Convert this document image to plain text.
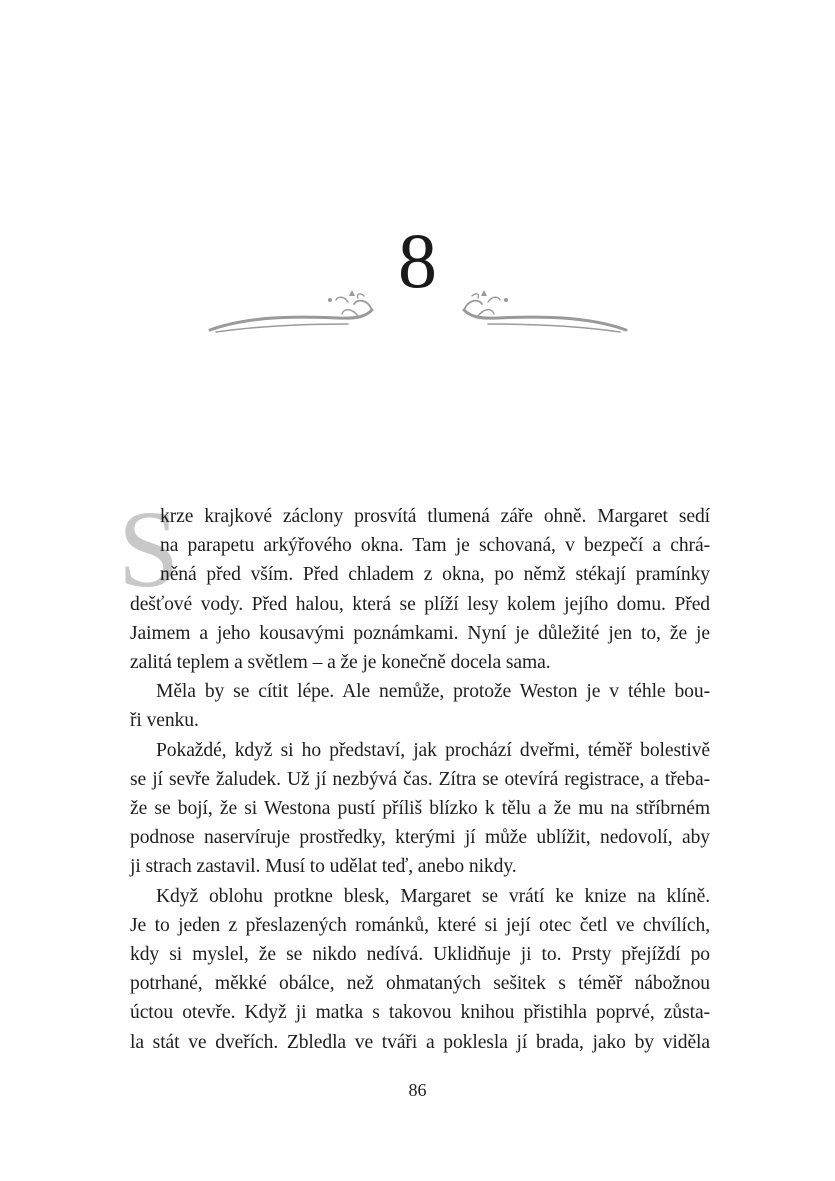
8
S

krze krajkové záclony prosvítá tlumená záře ohně. Margaret sedí
na parapetu arkýřového okna. Tam je schovaná, v bezpečí a chrá-
něná před vším. Před chladem z okna, po němž stékají pramínky
dešťové vody. Před halou, která se plíží lesy kolem jejího domu. Před
Jaimem a jeho kousavými poznámkami. Nyní je důležité jen to, že je
zalitá teplem a světlem – a že je konečně docela sama.

Měla by se cítit lépe. Ale nemůže, protože Weston je v téhle bou-
ři venku.

Pokaždé, když si ho představí, jak prochází dveřmi, téměř bolestivě
se jí sevře žaludek. Už jí nezbývá čas. Zítra se otevírá registrace, a třeba-
že se bojí, že si Westona pustí příliš blízko k tělu a že mu na stříbrném
podnose naservíruje prostředky, kterými jí může ublížit, nedovolí, aby
ji strach zastavil. Musí to udělat teď, anebo nikdy.

Když oblohu protkne blesk, Margaret se vrátí ke knize na klíně.
Je to jeden z přeslazených románků, které si její otec četl ve chvílích,
kdy si myslel, že se nikdo nedívá. Uklidňuje ji to. Prsty přejíždí po
potrhané, měkké obálce, než ohmataných sešitek s téměř nábožnou
úctou otevře. Když ji matka s takovou knihou přistihla poprvé, zůsta-
la stát ve dveřích. Zbledla ve tváři a poklesla jí brada, jako by viděla

86
